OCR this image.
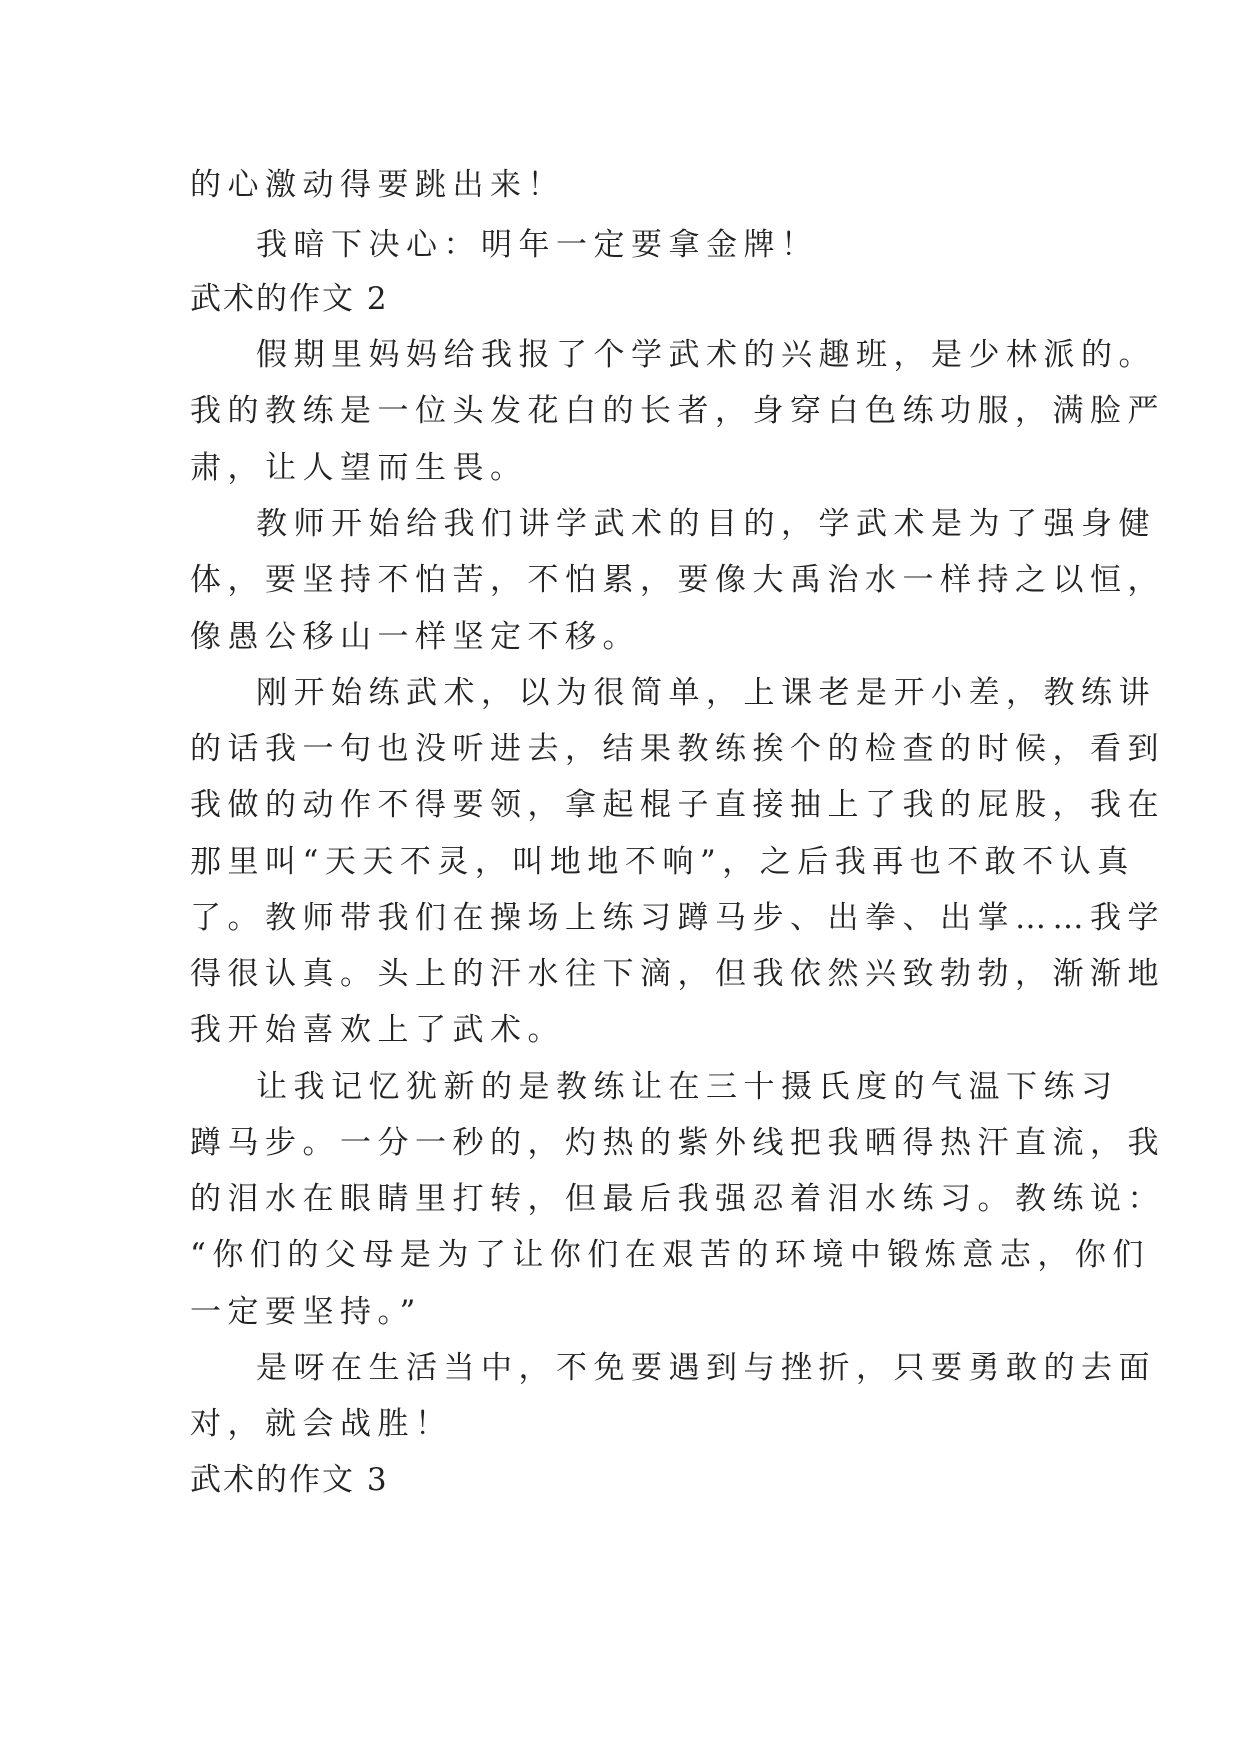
的心激动得要跳出来！
我暗下决心：明年一定要拿金牌！
武术的作文 2
假期里妈妈给我报了个学武术的兴趣班，是少林派的。
我的教练是一位头发花白的长者，身穿白色练功服，满脸严
肃，让人望而生畏。
教师开始给我们讲学武术的目的，学武术是为了强身健
体，要坚持不怕苦，不怕累，要像大禹治水一样持之以恒，
像愚公移山一样坚定不移。
刚开始练武术，以为很简单，上课老是开小差，教练讲
的话我一句也没听进去，结果教练挨个的检查的时候，看到
我做的动作不得要领，拿起棍子直接抽上了我的屁股，我在
那里叫“天天不灵，叫地地不响”，之后我再也不敢不认真
了。教师带我们在操场上练习蹲马步、出拳、出掌……我学
得很认真。头上的汗水往下滴，但我依然兴致勃勃，渐渐地
我开始喜欢上了武术。
让我记忆犹新的是教练让在三十摄氏度的气温下练习
蹲马步。一分一秒的，灼热的紫外线把我晒得热汗直流，我
的泪水在眼睛里打转，但最后我强忍着泪水练习。教练说：
“你们的父母是为了让你们在艰苦的环境中锻炼意志，你们
一定要坚持。”
是呀在生活当中，不免要遇到与挫折，只要勇敢的去面
对，就会战胜！
武术的作文 3
